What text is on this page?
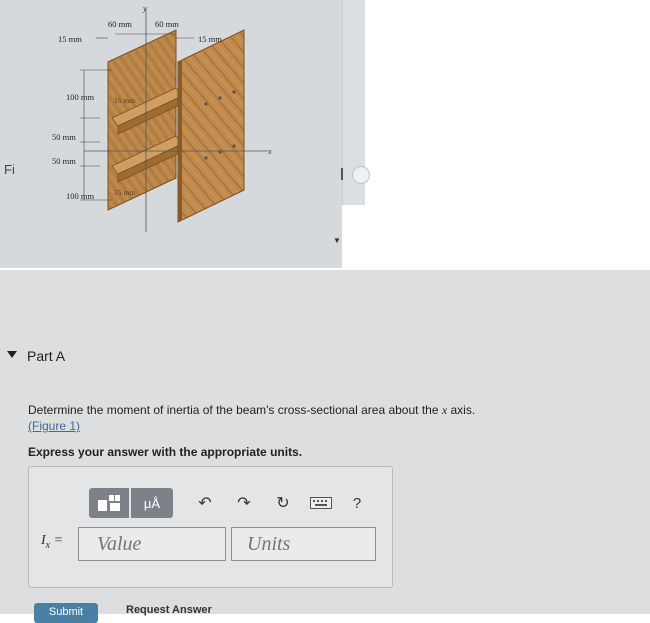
Fi
y
x
15 mm
60 mm	60 mm
15 mm
100 mm	15 mm
50 mm
50 mm
100 mm	15 mm
▼
Part A
Determine the moment of inertia of the beam's cross-sectional area about the x axis.
(Figure 1)
Express your answer with the appropriate units.
μÅ	↶	↷	↻	?
$I_x$ =
Value
Units
Submit	Request Answer
